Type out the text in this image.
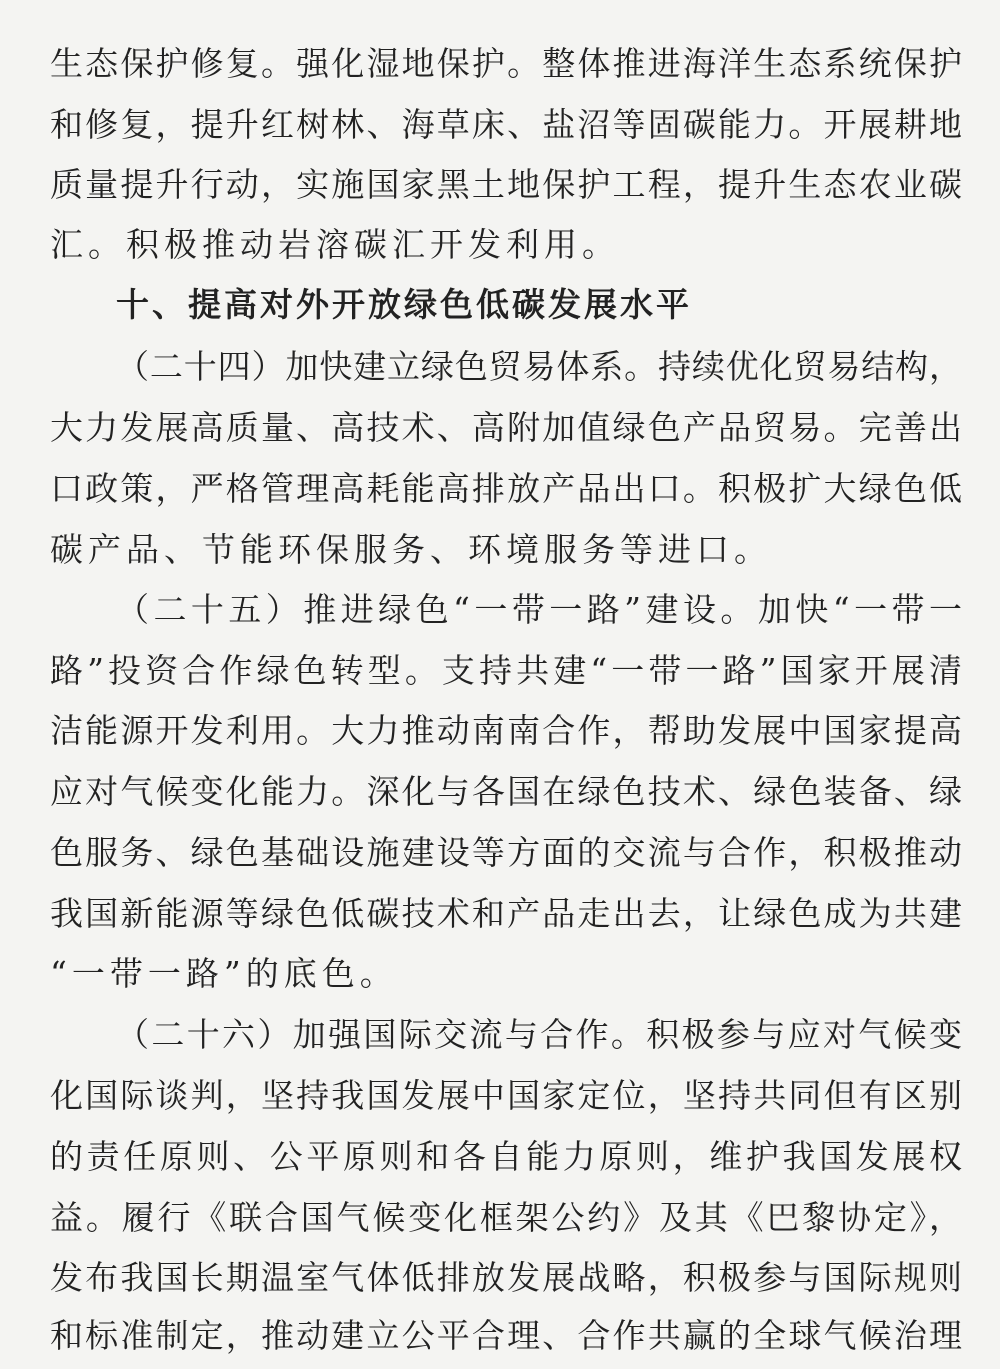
生态保护修复。强化湿地保护。整体推进海洋生态系统保护
和修复，提升红树林、海草床、盐沼等固碳能力。开展耕地
质量提升行动，实施国家黑土地保护工程，提升生态农业碳
汇。积极推动岩溶碳汇开发利用。
十、提高对外开放绿色低碳发展水平
（二十四）加快建立绿色贸易体系。持续优化贸易结构，
大力发展高质量、高技术、高附加值绿色产品贸易。完善出
口政策，严格管理高耗能高排放产品出口。积极扩大绿色低
碳产品、节能环保服务、环境服务等进口。
（二十五）推进绿色“一带一路”建设。加快“一带一
路”投资合作绿色转型。支持共建“一带一路”国家开展清
洁能源开发利用。大力推动南南合作，帮助发展中国家提高
应对气候变化能力。深化与各国在绿色技术、绿色装备、绿
色服务、绿色基础设施建设等方面的交流与合作，积极推动
我国新能源等绿色低碳技术和产品走出去，让绿色成为共建
“一带一路”的底色。
（二十六）加强国际交流与合作。积极参与应对气候变
化国际谈判，坚持我国发展中国家定位，坚持共同但有区别
的责任原则、公平原则和各自能力原则，维护我国发展权
益。履行《联合国气候变化框架公约》及其《巴黎协定》，
发布我国长期温室气体低排放发展战略，积极参与国际规则
和标准制定，推动建立公平合理、合作共赢的全球气候治理
